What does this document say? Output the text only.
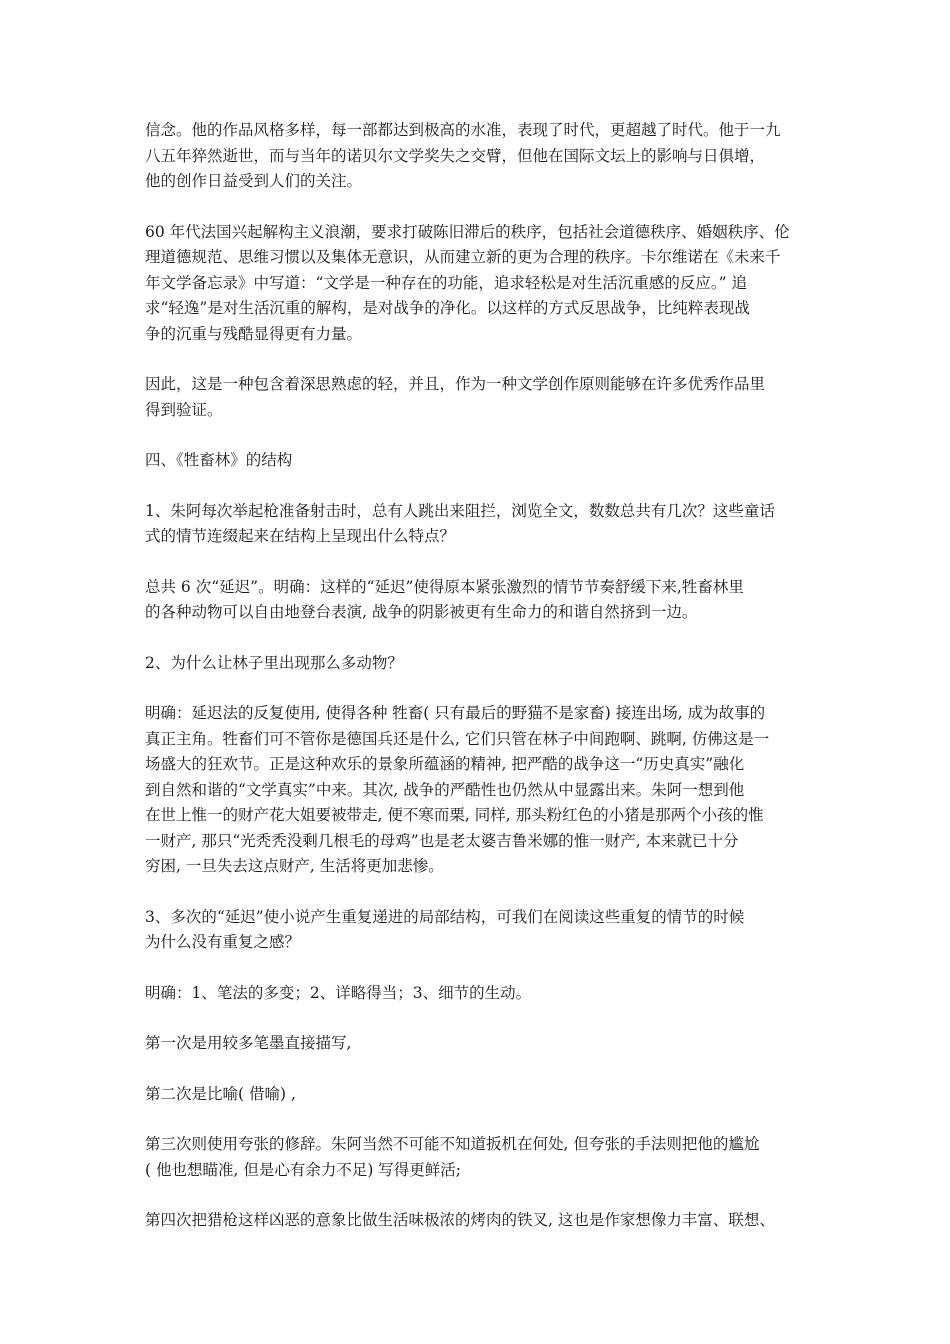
信念。他的作品风格多样，每一部都达到极高的水准，表现了时代，更超越了时代。他于一九
八五年猝然逝世，而与当年的诺贝尔文学奖失之交臂，但他在国际文坛上的影响与日俱增，
他的创作日益受到人们的关注。

60 年代法国兴起解构主义浪潮，要求打破陈旧滞后的秩序，包括社会道德秩序、婚姻秩序、伦
理道德规范、思维习惯以及集体无意识，从而建立新的更为合理的秩序。卡尔维诺在《未来千
年文学备忘录》中写道：“文学是一种存在的功能，追求轻松是对生活沉重感的反应。” 追
求“轻逸”是对生活沉重的解构，是对战争的净化。以这样的方式反思战争，比纯粹表现战
争的沉重与残酷显得更有力量。

因此，这是一种包含着深思熟虑的轻，并且，作为一种文学创作原则能够在许多优秀作品里
得到验证。

四、《牲畜林》的结构

1、朱阿每次举起枪准备射击时，总有人跳出来阻拦，浏览全文，数数总共有几次？这些童话
式的情节连缀起来在结构上呈现出什么特点？

总共 6 次“延迟”。明确：这样的“延迟”使得原本紧张激烈的情节节奏舒缓下来,牲畜林里
的各种动物可以自由地登台表演, 战争的阴影被更有生命力的和谐自然挤到一边。

2、为什么让林子里出现那么多动物？

明确：延迟法的反复使用, 使得各种 牲畜( 只有最后的野猫不是家畜) 接连出场, 成为故事的
真正主角。牲畜们可不管你是德国兵还是什么, 它们只管在林子中间跑啊、跳啊, 仿佛这是一
场盛大的狂欢节。正是这种欢乐的景象所蕴涵的精神, 把严酷的战争这一“历史真实”融化
到自然和谐的“文学真实”中来。其次, 战争的严酷性也仍然从中显露出来。朱阿一想到他
在世上惟一的财产花大姐要被带走, 便不寒而栗, 同样, 那头粉红色的小猪是那两个小孩的惟
一财产, 那只“光秃秃没剩几根毛的母鸡”也是老太婆吉鲁米娜的惟一财产, 本来就已十分
穷困, 一旦失去这点财产, 生活将更加悲惨。

3、多次的“延迟”使小说产生重复递进的局部结构，可我们在阅读这些重复的情节的时候
为什么没有重复之感？

明确：1、笔法的多变；2、详略得当；3、细节的生动。

第一次是用较多笔墨直接描写,

第二次是比喻( 借喻) ,

第三次则使用夸张的修辞。朱阿当然不可能不知道扳机在何处, 但夸张的手法则把他的尴尬
( 他也想瞄准, 但是心有余力不足) 写得更鲜活;

第四次把猎枪这样凶恶的意象比做生活味极浓的烤肉的铁叉, 这也是作家想像力丰富、联想、
